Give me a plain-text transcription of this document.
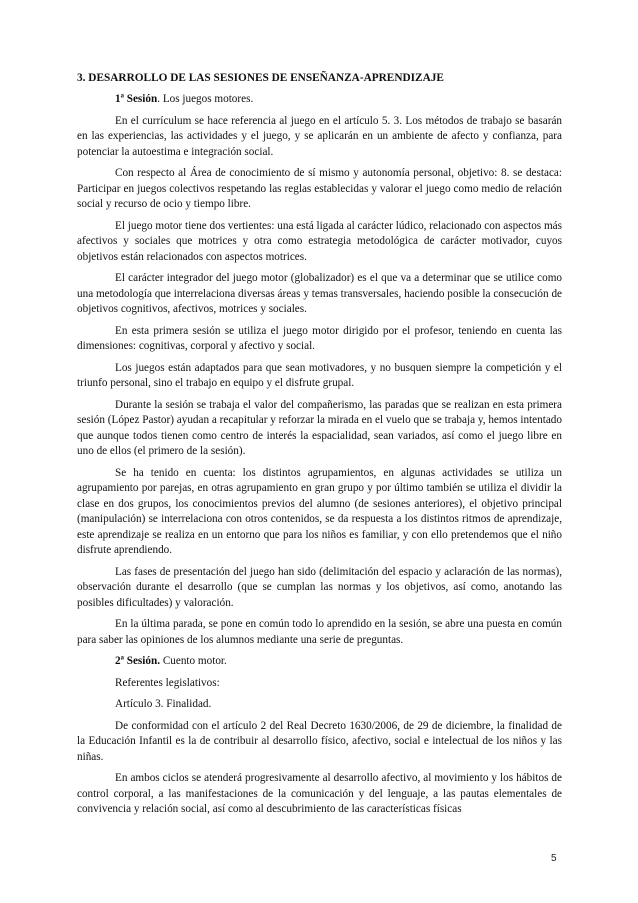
3. DESARROLLO DE LAS SESIONES DE ENSEÑANZA-APRENDIZAJE

1ª Sesión. Los juegos motores.

En el currículum se hace referencia al juego en el artículo 5. 3. Los métodos de trabajo se basarán en las experiencias, las actividades y el juego, y se aplicarán en un ambiente de afecto y confianza, para potenciar la autoestima e integración social.

Con respecto al Área de conocimiento de sí mismo y autonomía personal, objetivo: 8. se destaca: Participar en juegos colectivos respetando las reglas establecidas y valorar el juego como medio de relación social y recurso de ocio y tiempo libre.

El juego motor tiene dos vertientes: una está ligada al carácter lúdico, relacionado con aspectos más afectivos y sociales que motrices y otra como estrategia metodológica de carácter motivador, cuyos objetivos están relacionados con aspectos motrices.

El carácter integrador del juego motor (globalizador) es el que va a determinar que se utilice como una metodología que interrelaciona diversas áreas y temas transversales, haciendo posible la consecución de objetivos cognitivos, afectivos, motrices y sociales.

En esta primera sesión se utiliza el juego motor dirigido por el profesor, teniendo en cuenta las dimensiones: cognitivas, corporal y afectivo y social.

Los juegos están adaptados para que sean motivadores, y no busquen siempre la competición y el triunfo personal, sino el trabajo en equipo y el disfrute grupal.

Durante la sesión se trabaja el valor del compañerismo, las paradas que se realizan en esta primera sesión (López Pastor) ayudan a recapitular y reforzar la mirada en el vuelo que se trabaja y, hemos intentado que aunque todos tienen como centro de interés la espacialidad, sean variados, así como el juego libre en uno de ellos (el primero de la sesión).

Se ha tenido en cuenta: los distintos agrupamientos, en algunas actividades se utiliza un agrupamiento por parejas, en otras agrupamiento en gran grupo y por último también se utiliza el dividir la clase en dos grupos, los conocimientos previos del alumno (de sesiones anteriores), el objetivo principal (manipulación) se interrelaciona con otros contenidos, se da respuesta a los distintos ritmos de aprendizaje, este aprendizaje se realiza en un entorno que para los niños es familiar, y con ello pretendemos que el niño disfrute aprendiendo.

Las fases de presentación del juego han sido (delimitación del espacio y aclaración de las normas), observación durante el desarrollo (que se cumplan las normas y los objetivos, así como, anotando las posibles dificultades) y valoración.

En la última parada, se pone en común todo lo aprendido en la sesión, se abre una puesta en común para saber las opiniones de los alumnos mediante una serie de preguntas.

2ª Sesión. Cuento motor.

Referentes legislativos:

Artículo 3. Finalidad.

De conformidad con el artículo 2 del Real Decreto 1630/2006, de 29 de diciembre, la finalidad de la Educación Infantil es la de contribuir al desarrollo físico, afectivo, social e intelectual de los niños y las niñas.

En ambos ciclos se atenderá progresivamente al desarrollo afectivo, al movimiento y los hábitos de control corporal, a las manifestaciones de la comunicación y del lenguaje, a las pautas elementales de convivencia y relación social, así como al descubrimiento de las características físicas

5
